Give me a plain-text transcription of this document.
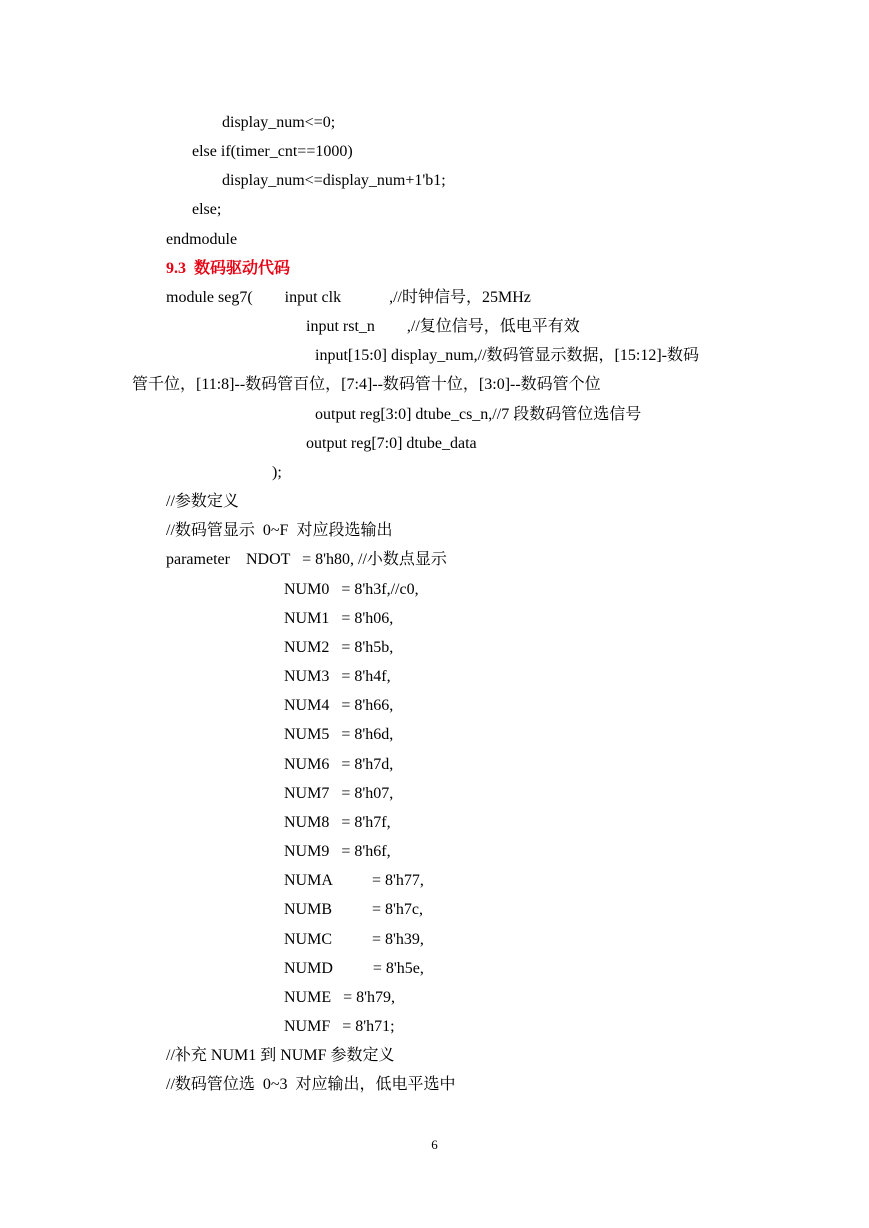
display_num<=0;
else if(timer_cnt==1000)
display_num<=display_num+1'b1;
else;
endmodule
9.3  数码驱动代码
module seg7(        input clk            ,//时钟信号，25MHz
input rst_n        ,//复位信号，低电平有效
input[15:0] display_num,//数码管显示数据，[15:12]-数码
管千位，[11:8]--数码管百位，[7:4]--数码管十位，[3:0]--数码管个位
output reg[3:0] dtube_cs_n,//7 段数码管位选信号
output reg[7:0] dtube_data
);
//参数定义
//数码管显示  0~F  对应段选输出
parameter    NDOT   = 8'h80, //小数点显示
NUM0   = 8'h3f,//c0,
NUM1   = 8'h06,
NUM2   = 8'h5b,
NUM3   = 8'h4f,
NUM4   = 8'h66,
NUM5   = 8'h6d,
NUM6   = 8'h7d,
NUM7   = 8'h07,
NUM8   = 8'h7f,
NUM9   = 8'h6f,
NUMA          = 8'h77,
NUMB          = 8'h7c,
NUMC          = 8'h39,
NUMD          = 8'h5e,
NUME   = 8'h79,
NUMF   = 8'h71;
//补充 NUM1 到 NUMF 参数定义
//数码管位选  0~3  对应输出，低电平选中
6
